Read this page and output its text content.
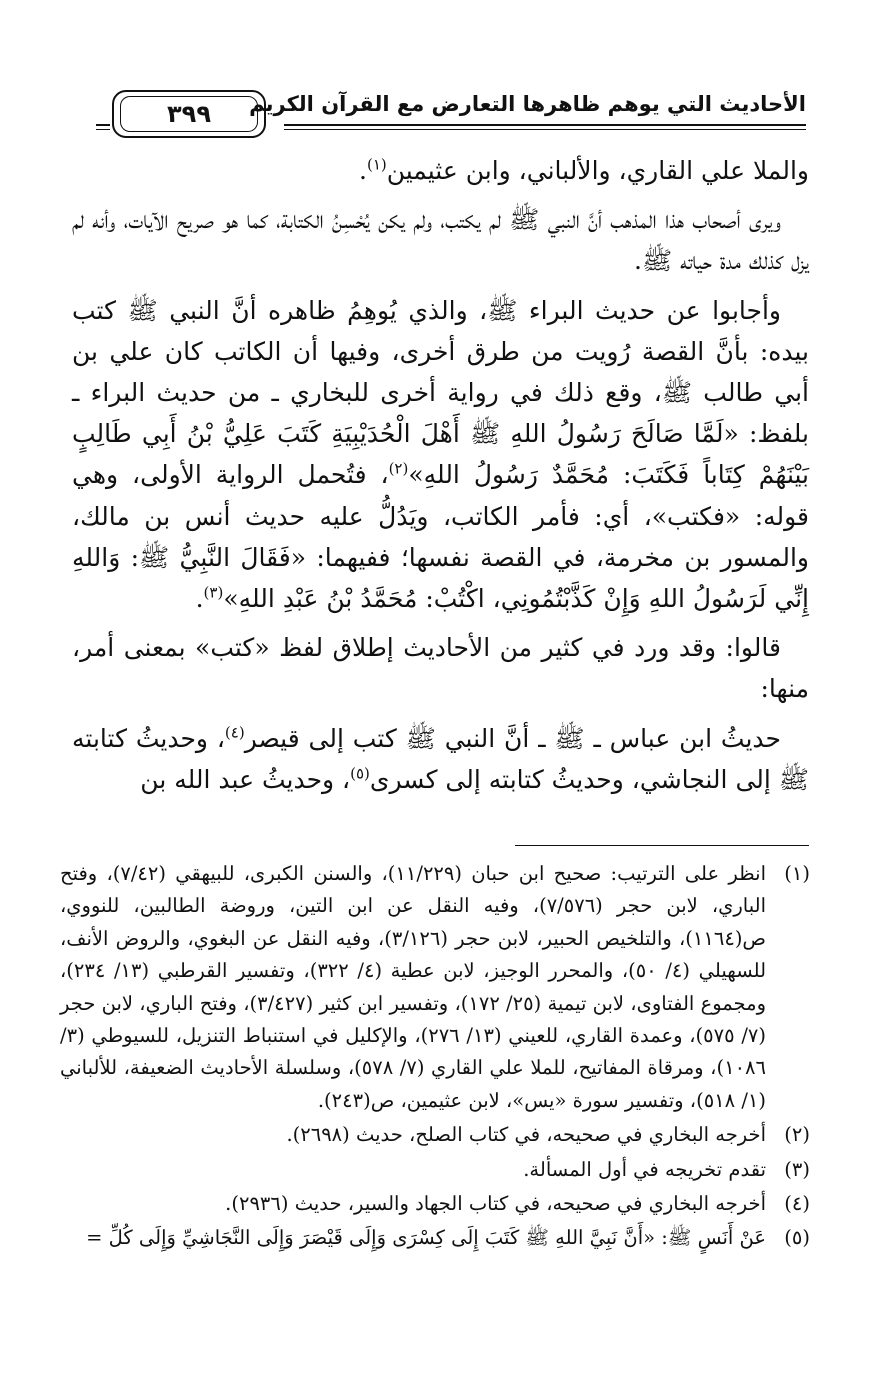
٣٩٩	الأحاديث التي يوهم ظاهرها التعارض مع القرآن الكريم

والملا علي القاري، والألباني، وابن عثيمين$^{(١)}$.

ويرى أصحاب هذا المذهب أنَّ النبي ﷺ لم يكتب، ولم يكن يُحْسِنُ الكتابة، كما هو صريح الآيات، وأنه لم يزل كذلك مدة حياته ﷺ.

وأجابوا عن حديث البراء ﷺ، والذي يُوهِمُ ظاهره أنَّ النبي ﷺ كتب بيده: بأنَّ القصة رُويت من طرق أخرى، وفيها أن الكاتب كان علي بن أبي طالب ﷺ، وقع ذلك في رواية أخرى للبخاري ـ من حديث البراء ـ بلفظ: «لَمَّا صَالَحَ رَسُولُ اللهِ ﷺ أَهْلَ الْحُدَيْبِيَةِ كَتَبَ عَلِيُّ بْنُ أَبِي طَالِبٍ بَيْنَهُمْ كِتَاباً فَكَتَبَ: مُحَمَّدٌ رَسُولُ اللهِ»$^{(٢)}$، فتُحمل الرواية الأولى، وهي قوله: «فكتب»، أي: فأمر الكاتب، ويَدُلُّ عليه حديث أنس بن مالك، والمسور بن مخرمة، في القصة نفسها؛ ففيهما: «فَقَالَ النَّبِيُّ ﷺ: وَاللهِ إِنِّي لَرَسُولُ اللهِ وَإِنْ كَذَّبْتُمُونِي، اكْتُبْ: مُحَمَّدُ بْنُ عَبْدِ اللهِ»$^{(٣)}$.

قالوا: وقد ورد في كثير من الأحاديث إطلاق لفظ «كتب» بمعنى أمر، منها:

حديثُ ابن عباس ـ ﷺ ـ أنَّ النبي ﷺ كتب إلى قيصر$^{(٤)}$، وحديثُ كتابته ﷺ إلى النجاشي، وحديثُ كتابته إلى كسرى$^{(٥)}$، وحديثُ عبد الله بن

(١)
انظر على الترتيب: صحيح ابن حبان (١١/٢٢٩)، والسنن الكبرى، للبيهقي (٧/٤٢)، وفتح الباري، لابن حجر (٧/٥٧٦)، وفيه النقل عن ابن التين، وروضة الطالبين، للنووي، ص(١١٦٤)، والتلخيص الحبير، لابن حجر (٣/١٢٦)، وفيه النقل عن البغوي، والروض الأنف، للسهيلي (٤/ ٥٠)، والمحرر الوجيز، لابن عطية (٤/ ٣٢٢)، وتفسير القرطبي (١٣/ ٢٣٤)، ومجموع الفتاوى، لابن تيمية (٢٥/ ١٧٢)، وتفسير ابن كثير (٣/٤٢٧)، وفتح الباري، لابن حجر (٧/ ٥٧٥)، وعمدة القاري، للعيني (١٣/ ٢٧٦)، والإكليل في استنباط التنزيل، للسيوطي (٣/ ١٠٨٦)، ومرقاة المفاتيح، للملا علي القاري (٧/ ٥٧٨)، وسلسلة الأحاديث الضعيفة، للألباني (١/ ٥١٨)، وتفسير سورة «يس»، لابن عثيمين، ص(٢٤٣).
(٢)
أخرجه البخاري في صحيحه، في كتاب الصلح، حديث (٢٦٩٨).
(٣)
تقدم تخريجه في أول المسألة.
(٤)
أخرجه البخاري في صحيحه، في كتاب الجهاد والسير، حديث (٢٩٣٦).
(٥)
عَنْ أَنَسٍ ﷺ: «أَنَّ نَبِيَّ اللهِ ﷺ كَتَبَ إِلَى كِسْرَى وَإِلَى قَيْصَرَ وَإِلَى النَّجَاشِيِّ وَإِلَى كُلِّ =
